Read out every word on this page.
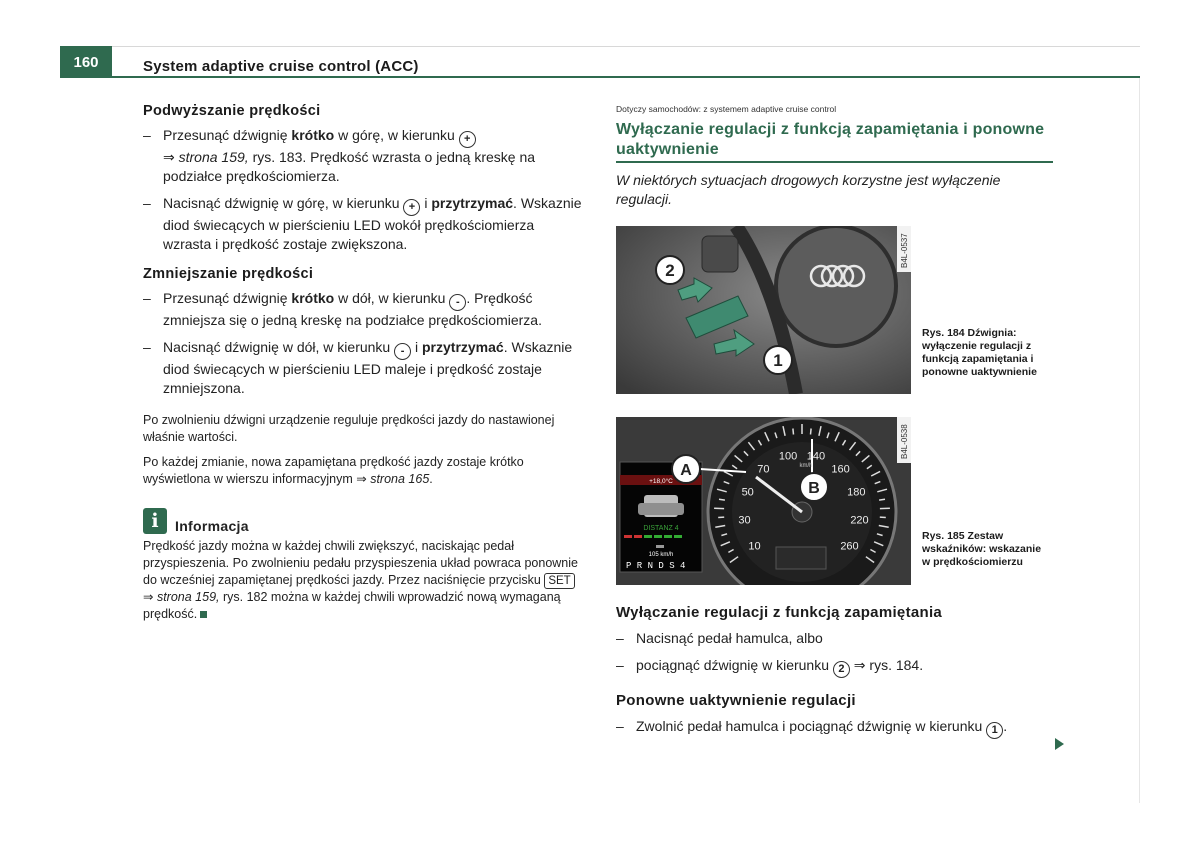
160	System adaptive cruise control (ACC)
Podwyższanie prędkości
– Przesunąć dźwignię krótko w górę, w kierunku +
⇒ strona 159, rys. 183. Prędkość wzrasta o jedną kreskę na podziałce prędkościomierza.
– Nacisnąć dźwignię w górę, w kierunku + i przytrzymać. Wskaznie diod świecących w pierścieniu LED wokół prędkościomierza wzrasta i prędkość zostaje zwiększona.
Zmniejszanie prędkości
– Przesunąć dźwignię krótko w dół, w kierunku - . Prędkość zmniejsza się o jedną kreskę na podziałce prędkościomierza.
– Nacisnąć dźwignię w dół, w kierunku - i przytrzymać. Wskaznie diod świecących w pierścieniu LED maleje i prędkość zostaje zmniejszona.
Po zwolnieniu dźwigni urządzenie reguluje prędkości jazdy do nastawionej właśnie wartości.
Po każdej zmianie, nowa zapamiętana prędkość jazdy zostaje krótko wyświetlona w wierszu informacyjnym ⇒ strona 165.
i	Informacja
Prędkość jazdy można w każdej chwili zwiększyć, naciskając pedał przyspieszenia. Po zwolnieniu pedału przyspieszenia układ powraca ponownie do wcześniej zapamiętanej prędkości jazdy. Przez naciśnięcie przycisku SET ⇒ strona 159, rys. 182 można w każdej chwili wprowadzić nową wymaganą prędkość.
Dotyczy samochodów: z systemem adaptive cruise control
Wyłączanie regulacji z funkcją zapamiętania i ponowne uaktywnienie
W niektórych sytuacjach drogowych korzystne jest wyłączenie regulacji.
2
1
B4L-0537
Rys. 184 Dźwignia: wyłączenie regulacji z funkcją zapamiętania i ponowne uaktywnienie
10
30
50
70
100 140
160
180
220
260
+18,0°C
DISTANZ 4
105 km/h
P R N D S 4
A
B
km/h
B4L-0538
Rys. 185 Zestaw wskaźników: wskazanie w prędkościomierzu
Wyłączanie regulacji z funkcją zapamiętania
– Nacisnąć pedał hamulca, albo
– pociągnąć dźwignię w kierunku 2 ⇒ rys. 184.
Ponowne uaktywnienie regulacji
– Zwolnić pedał hamulca i pociągnąć dźwignię w kierunku 1 .
